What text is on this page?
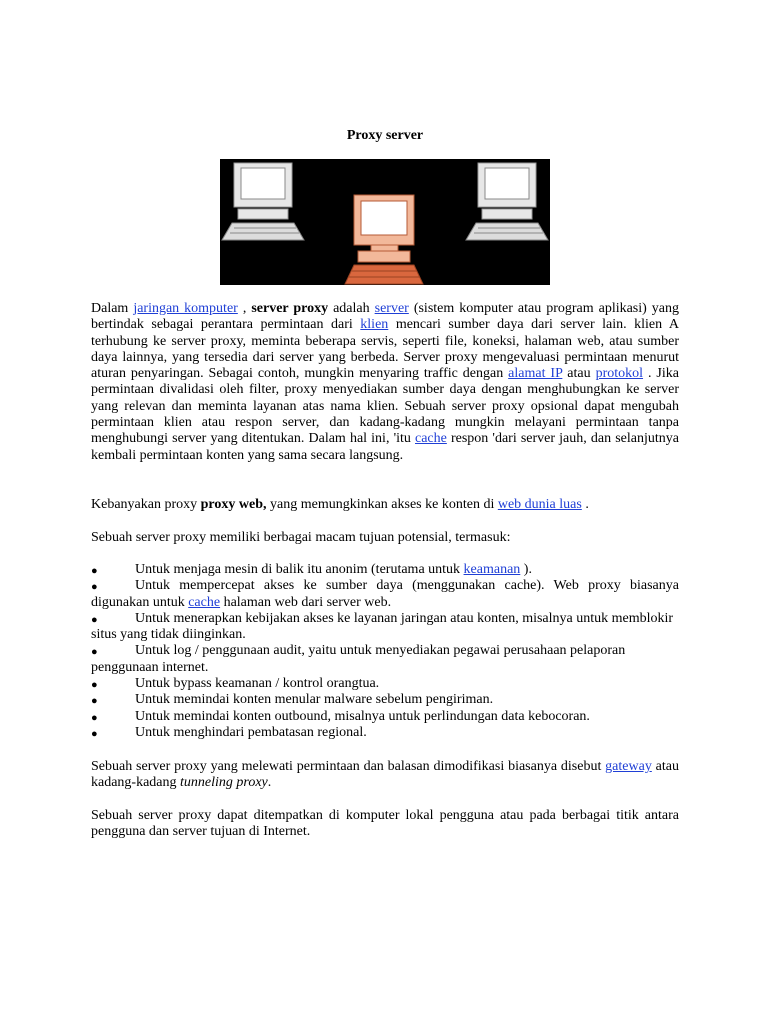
Proxy server

Dalam jaringan komputer , server proxy adalah server (sistem komputer atau program aplikasi) yang bertindak sebagai perantara permintaan dari klien mencari sumber daya dari server lain. klien A terhubung ke server proxy, meminta beberapa servis, seperti file, koneksi, halaman web, atau sumber daya lainnya, yang tersedia dari server yang berbeda. Server proxy mengevaluasi permintaan menurut aturan penyaringan. Sebagai contoh, mungkin menyaring traffic dengan alamat IP atau protokol . Jika permintaan divalidasi oleh filter, proxy menyediakan sumber daya dengan menghubungkan ke server yang relevan dan meminta layanan atas nama klien. Sebuah server proxy opsional dapat mengubah permintaan klien atau respon server, dan kadang-kadang mungkin melayani permintaan tanpa menghubungi server yang ditentukan. Dalam hal ini, 'itu cache respon 'dari server jauh, dan selanjutnya kembali permintaan konten yang sama secara langsung.

Kebanyakan proxy proxy web, yang memungkinkan akses ke konten di web dunia luas .

Sebuah server proxy memiliki berbagai macam tujuan potensial, termasuk:

●	Untuk menjaga mesin di balik itu anonim (terutama untuk keamanan ).
●	Untuk mempercepat akses ke sumber daya (menggunakan cache). Web proxy biasanya digunakan untuk cache halaman web dari server web.
●	Untuk menerapkan kebijakan akses ke layanan jaringan atau konten, misalnya untuk memblokir situs yang tidak diinginkan.
●	Untuk log / penggunaan audit, yaitu untuk menyediakan pegawai perusahaan pelaporan penggunaan internet.
●	Untuk bypass keamanan / kontrol orangtua.
●	Untuk memindai konten menular malware sebelum pengiriman.
●	Untuk memindai konten outbound, misalnya untuk perlindungan data kebocoran.
●	Untuk menghindari pembatasan regional.

Sebuah server proxy yang melewati permintaan dan balasan dimodifikasi biasanya disebut gateway atau kadang-kadang tunneling proxy.

Sebuah server proxy dapat ditempatkan di komputer lokal pengguna atau pada berbagai titik antara pengguna dan server tujuan di Internet.
